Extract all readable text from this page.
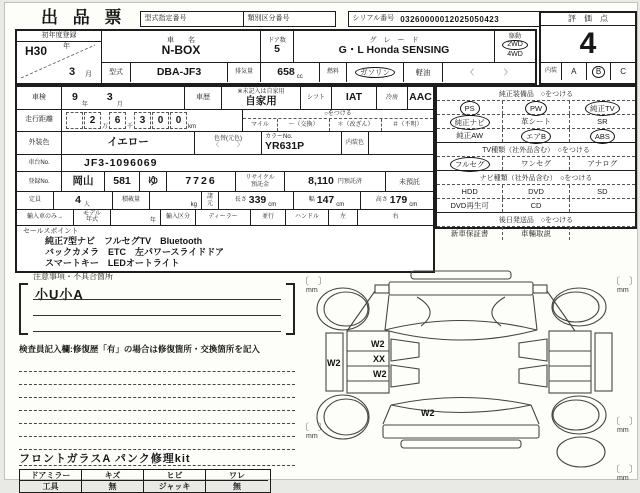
出 品 票	型式指定番号	類別区分番号	シリアル番号 03260000012025050423
初年度登録
H30 年
3 月
車　　名
N-BOX
ドア数
5
グ　レ　ー　ド
G・L Honda SENSING
駆動
2WD
4WD
型式	DBA-JF3	排気量 658 cc
燃料	ガソリン	軽油	〈　　　　〉
評　価　点
4
内装 A	B	C
車検 9
年
3
月
車歴
※未記入は自家用
自家用	シフト IAT	冷房 AAC
走行距離	2
万
6
千
3	0	0
km
○をつける
マイル	～（交換）	＊（改ざん）	＃（不明）
外装色	イエロー	色替(元色)
〈　　　〉
カラーNo.
YR631P	内装色
車台No.	JF3-1096069
登録No. 岡山 581 ゆ	7726	リサイクル
預託金	8,110 円預託済	未預託
定員	4 人
積載量
kg
諸
元
長さ 339 cm
幅 147 cm
高さ 179 cm
輸入車のみ→
モデル
年式	年
輸入区分	ディーラー	並行	ハンドル	左	右
セールスポイント
純正7型ナビ　フルセグTV　Bluetooth
バックカメラ　ETC　左パワースライドドア
スマートキー　LEDオートライト
純正装備品　○をつける
PS	PW	純正TV
純正ナビ	革シート	SR
純正AW	エアB	ABS
TV種類（社外品含む）　○をつける
フルセグ	ワンセグ	アナログ
ナビ種類（社外品含む）　○をつける
HDD	DVD	SD
DVD再生可	CD
後日発送品　○をつける
新車保証書	車輛取説
注意事項・不具合箇所
小U小A
検査員記入欄:修復歴「有」の場合は修復箇所・交換箇所を記入
フロントガラスA パンク修理kit
ドアミラー	キズ	ヒビ	ワレ
工具	無	ジャッキ	無
〔　〕
mm
〔　〕
mm
〔　〕
mm
〔　〕
mm
〔　〕
mm
W2
XX
W2
W2
W2
